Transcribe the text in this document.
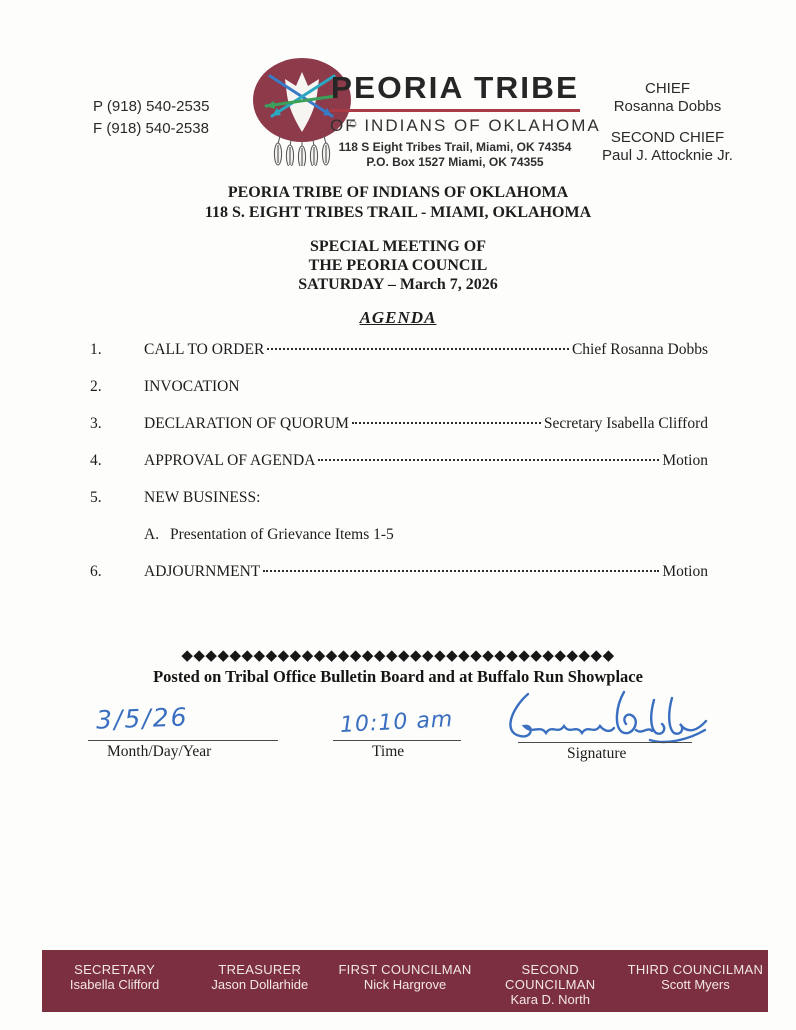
P (918) 540-2535
F (918) 540-2538
PEORIA TRIBE
OF INDIANS OF OKLAHOMA
118 S Eight Tribes Trail, Miami, OK 74354
P.O. Box 1527 Miami, OK 74355
CHIEF
Rosanna Dobbs
SECOND CHIEF
Paul J. Attocknie Jr.
PEORIA TRIBE OF INDIANS OF OKLAHOMA
118 S. EIGHT TRIBES TRAIL - MIAMI, OKLAHOMA
SPECIAL MEETING OF
THE PEORIA COUNCIL
SATURDAY – March 7, 2026
AGENDA
1.	CALL TO ORDER	Chief Rosanna Dobbs
2.	INVOCATION
3.	DECLARATION OF QUORUM	Secretary Isabella Clifford
4.	APPROVAL OF AGENDA	Motion
5.	NEW BUSINESS:
A. Presentation of Grievance Items 1-5
6.	ADJOURNMENT	Motion
◆◆◆◆◆◆◆◆◆◆◆◆◆◆◆◆◆◆◆◆◆◆◆◆◆◆◆◆◆◆◆◆◆◆◆◆
Posted on Tribal Office Bulletin Board and at Buffalo Run Showplace
3/5/26	10:10 am
Month/Day/Year	Time	Signature
SECRETARY
Isabella Clifford
TREASURER
Jason Dollarhide
FIRST COUNCILMAN
Nick Hargrove
SECOND COUNCILMAN
Kara D. North
THIRD COUNCILMAN
Scott Myers
